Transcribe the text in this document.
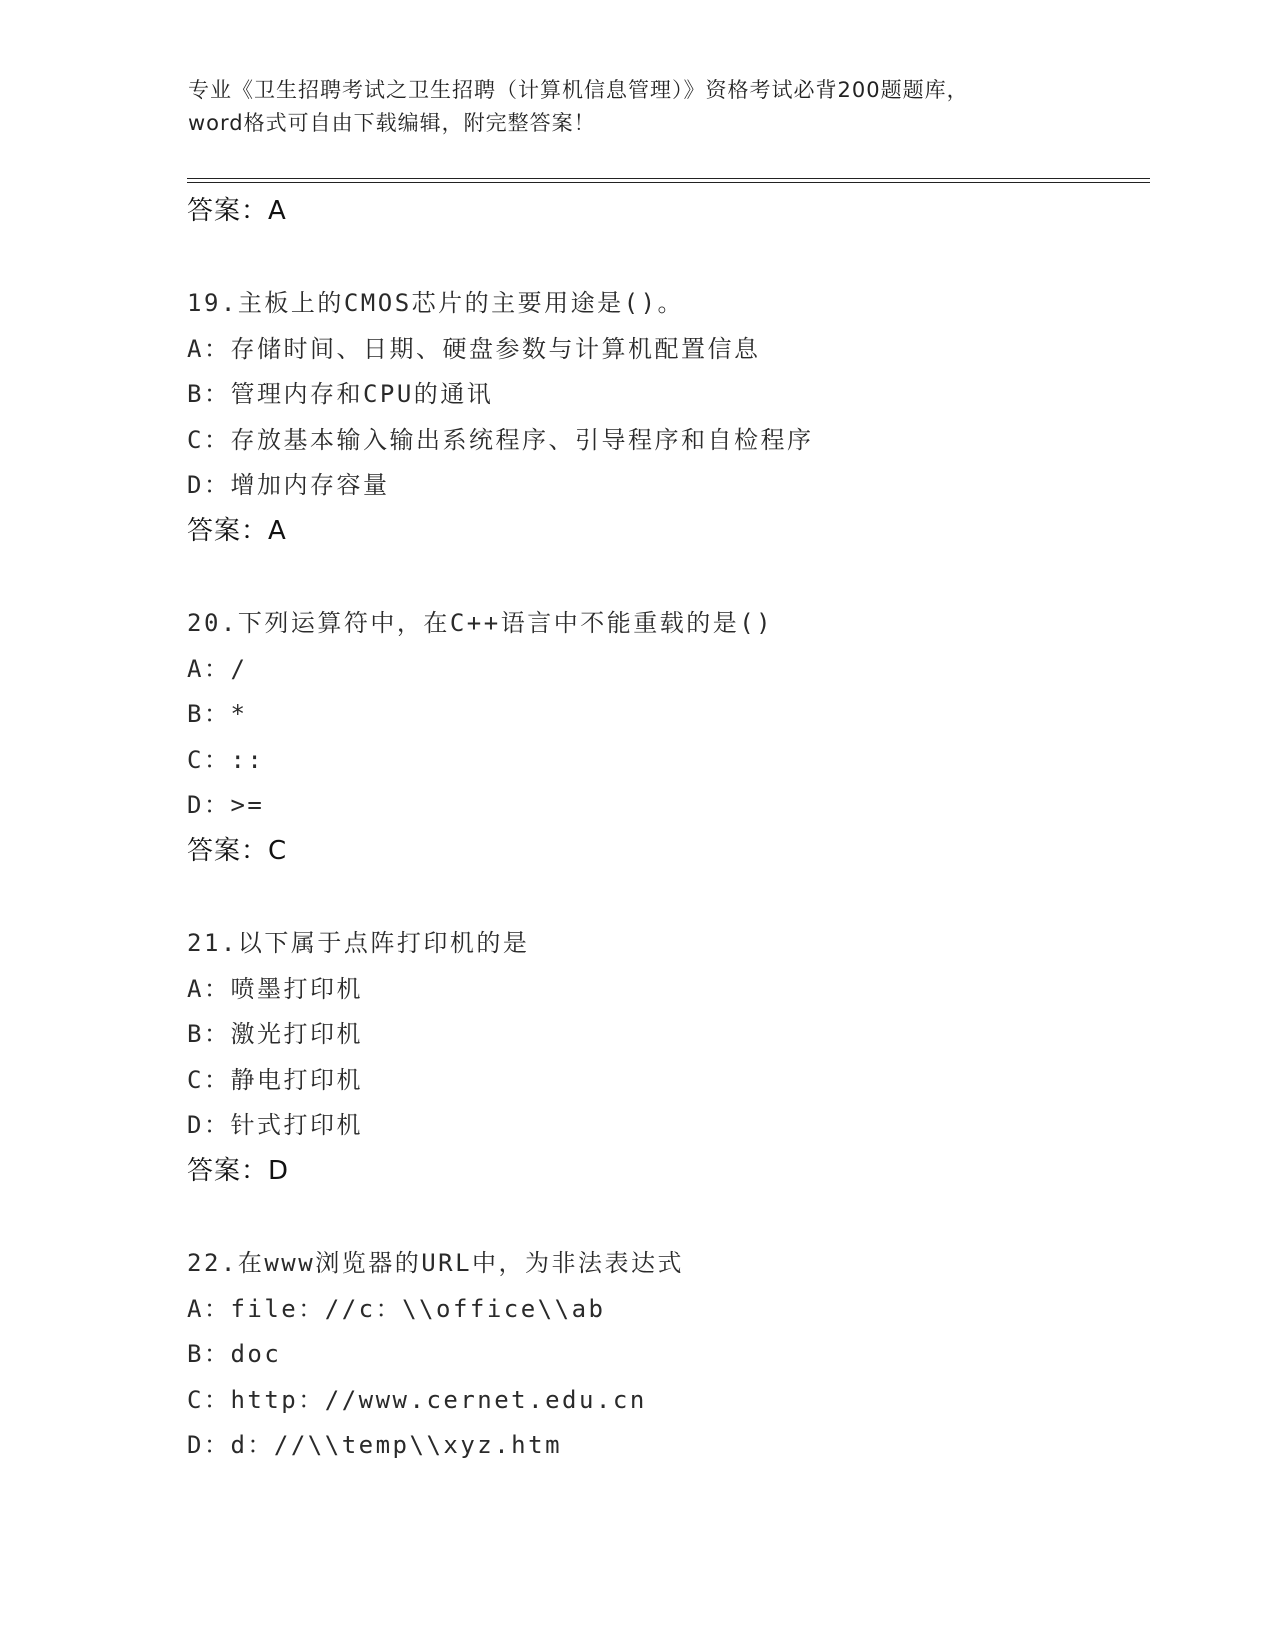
专业《卫生招聘考试之卫生招聘（计算机信息管理）》资格考试必背200题题库，
word格式可自由下载编辑，附完整答案！
答案：A
19.主板上的CMOS芯片的主要用途是()。
A：存储时间、日期、硬盘参数与计算机配置信息
B：管理内存和CPU的通讯
C：存放基本输入输出系统程序、引导程序和自检程序
D：增加内存容量
答案：A
20.下列运算符中，在C++语言中不能重载的是()
A：/
B：*
C：::
D：>=
答案：C
21.以下属于点阵打印机的是
A：喷墨打印机
B：激光打印机
C：静电打印机
D：针式打印机
答案：D
22.在www浏览器的URL中，为非法表达式
A：file：//c：\\office\\ab
B：doc
C：http：//www.cernet.edu.cn
D：d：//\\temp\\xyz.htm
